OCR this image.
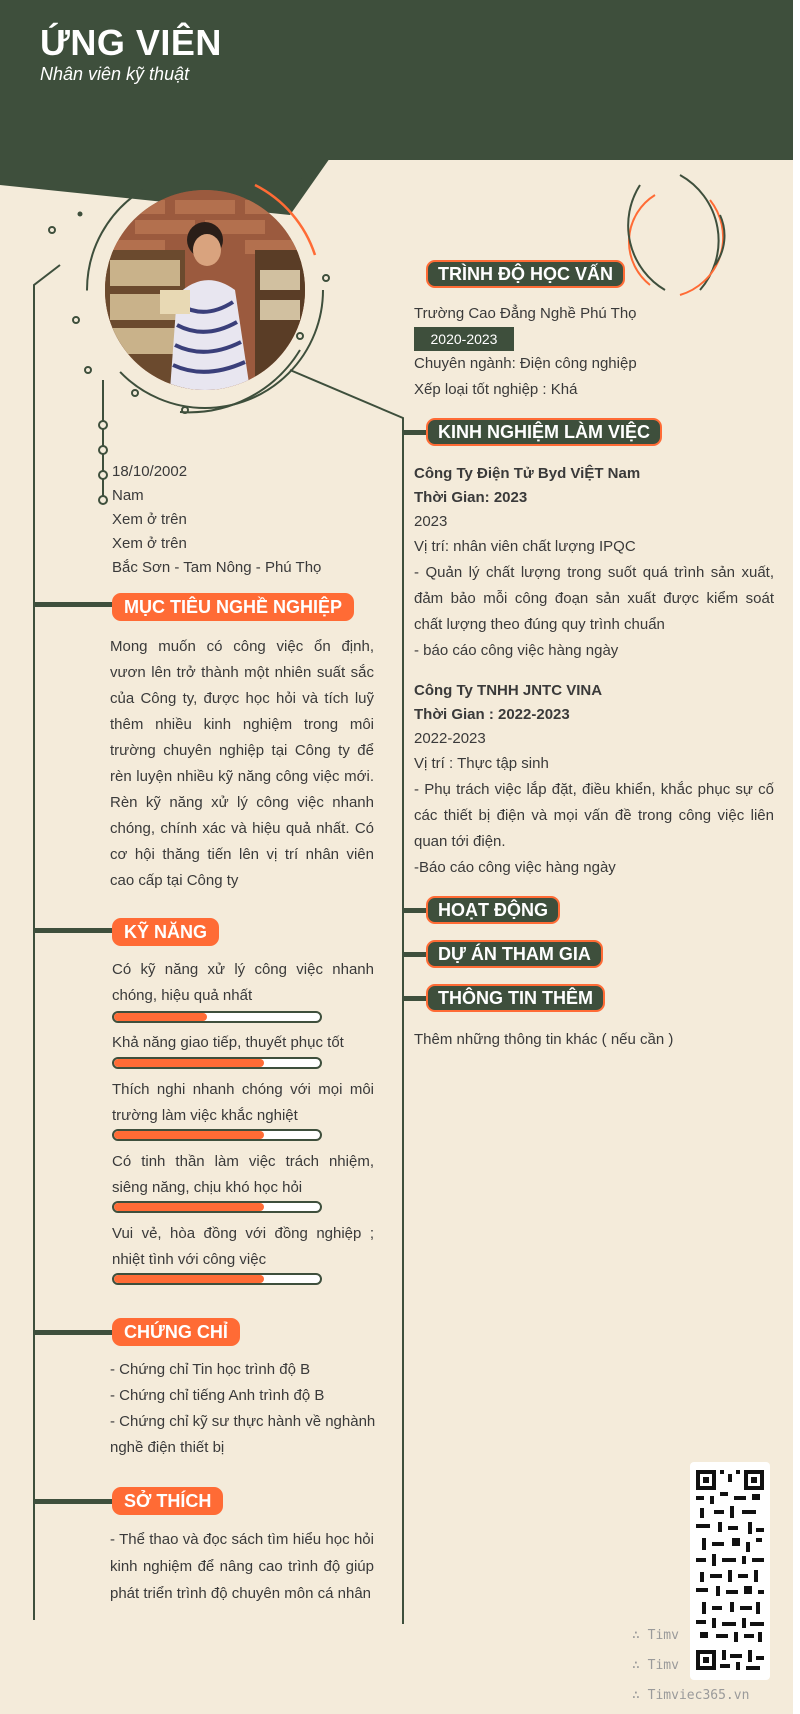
ỨNG VIÊN
Nhân viên kỹ thuật
18/10/2002
Nam
Xem ở trên
Xem ở trên
Bắc Sơn - Tam Nông - Phú Thọ
MỤC TIÊU NGHỀ NGHIỆP
Mong muốn có công việc ổn định, vươn lên trở thành một nhiên suất sắc của Công ty, được học hỏi và tích luỹ thêm nhiều kinh nghiệm trong môi trường chuyên nghiệp tại Công ty để rèn luyện nhiều kỹ năng công việc mới. Rèn kỹ năng xử lý công việc nhanh chóng, chính xác và hiệu quả nhất. Có cơ hội thăng tiến lên vị trí nhân viên cao cấp tại Công ty
KỸ NĂNG
Có kỹ năng xử lý công việc nhanh chóng, hiệu quả nhất
Khả năng giao tiếp, thuyết phục tốt
Thích nghi nhanh chóng với mọi môi trường làm việc khắc nghiệt
Có tinh thần làm việc trách nhiệm, siêng năng, chịu khó học hỏi
Vui vẻ, hòa đồng với đồng nghiệp ; nhiệt tình với công việc
CHỨNG CHỈ
- Chứng chỉ Tin học trình độ B
- Chứng chỉ tiếng Anh trình độ B
- Chứng chỉ kỹ sư thực hành về nghành nghề điện thiết bị
SỞ THÍCH
- Thể thao và đọc sách tìm hiểu học hỏi kinh nghiệm để nâng cao trình độ giúp phát triển trình độ chuyên môn cá nhân
TRÌNH ĐỘ HỌC VẤN
Trường Cao Đẳng Nghề Phú Thọ
2020-2023
Chuyên ngành: Điện công nghiệp
Xếp loại tốt nghiệp : Khá
KINH NGHIỆM LÀM VIỆC
Công Ty Điện Tử Byd ViỆT Nam
Thời Gian: 2023
2023
Vị trí: nhân viên chất lượng IPQC
- Quản lý chất lượng trong suốt quá trình sản xuất, đảm bảo mỗi công đoạn sản xuất được kiểm soát chất lượng theo đúng quy trình chuẩn
- báo cáo công việc hàng ngày
Công Ty TNHH JNTC VINA
Thời Gian : 2022-2023
2022-2023
Vị trí : Thực tập sinh
- Phụ trách việc lắp đặt, điều khiển, khắc phục sự cố các thiết bị điện và mọi vấn đề trong công việc liên quan tới điện.
-Báo cáo công việc hàng ngày
HOẠT ĐỘNG
DỰ ÁN THAM GIA
THÔNG TIN THÊM
Thêm những thông tin khác ( nếu cần )
∴ Timv
∴ Timv
∴ Timviec365.vn
